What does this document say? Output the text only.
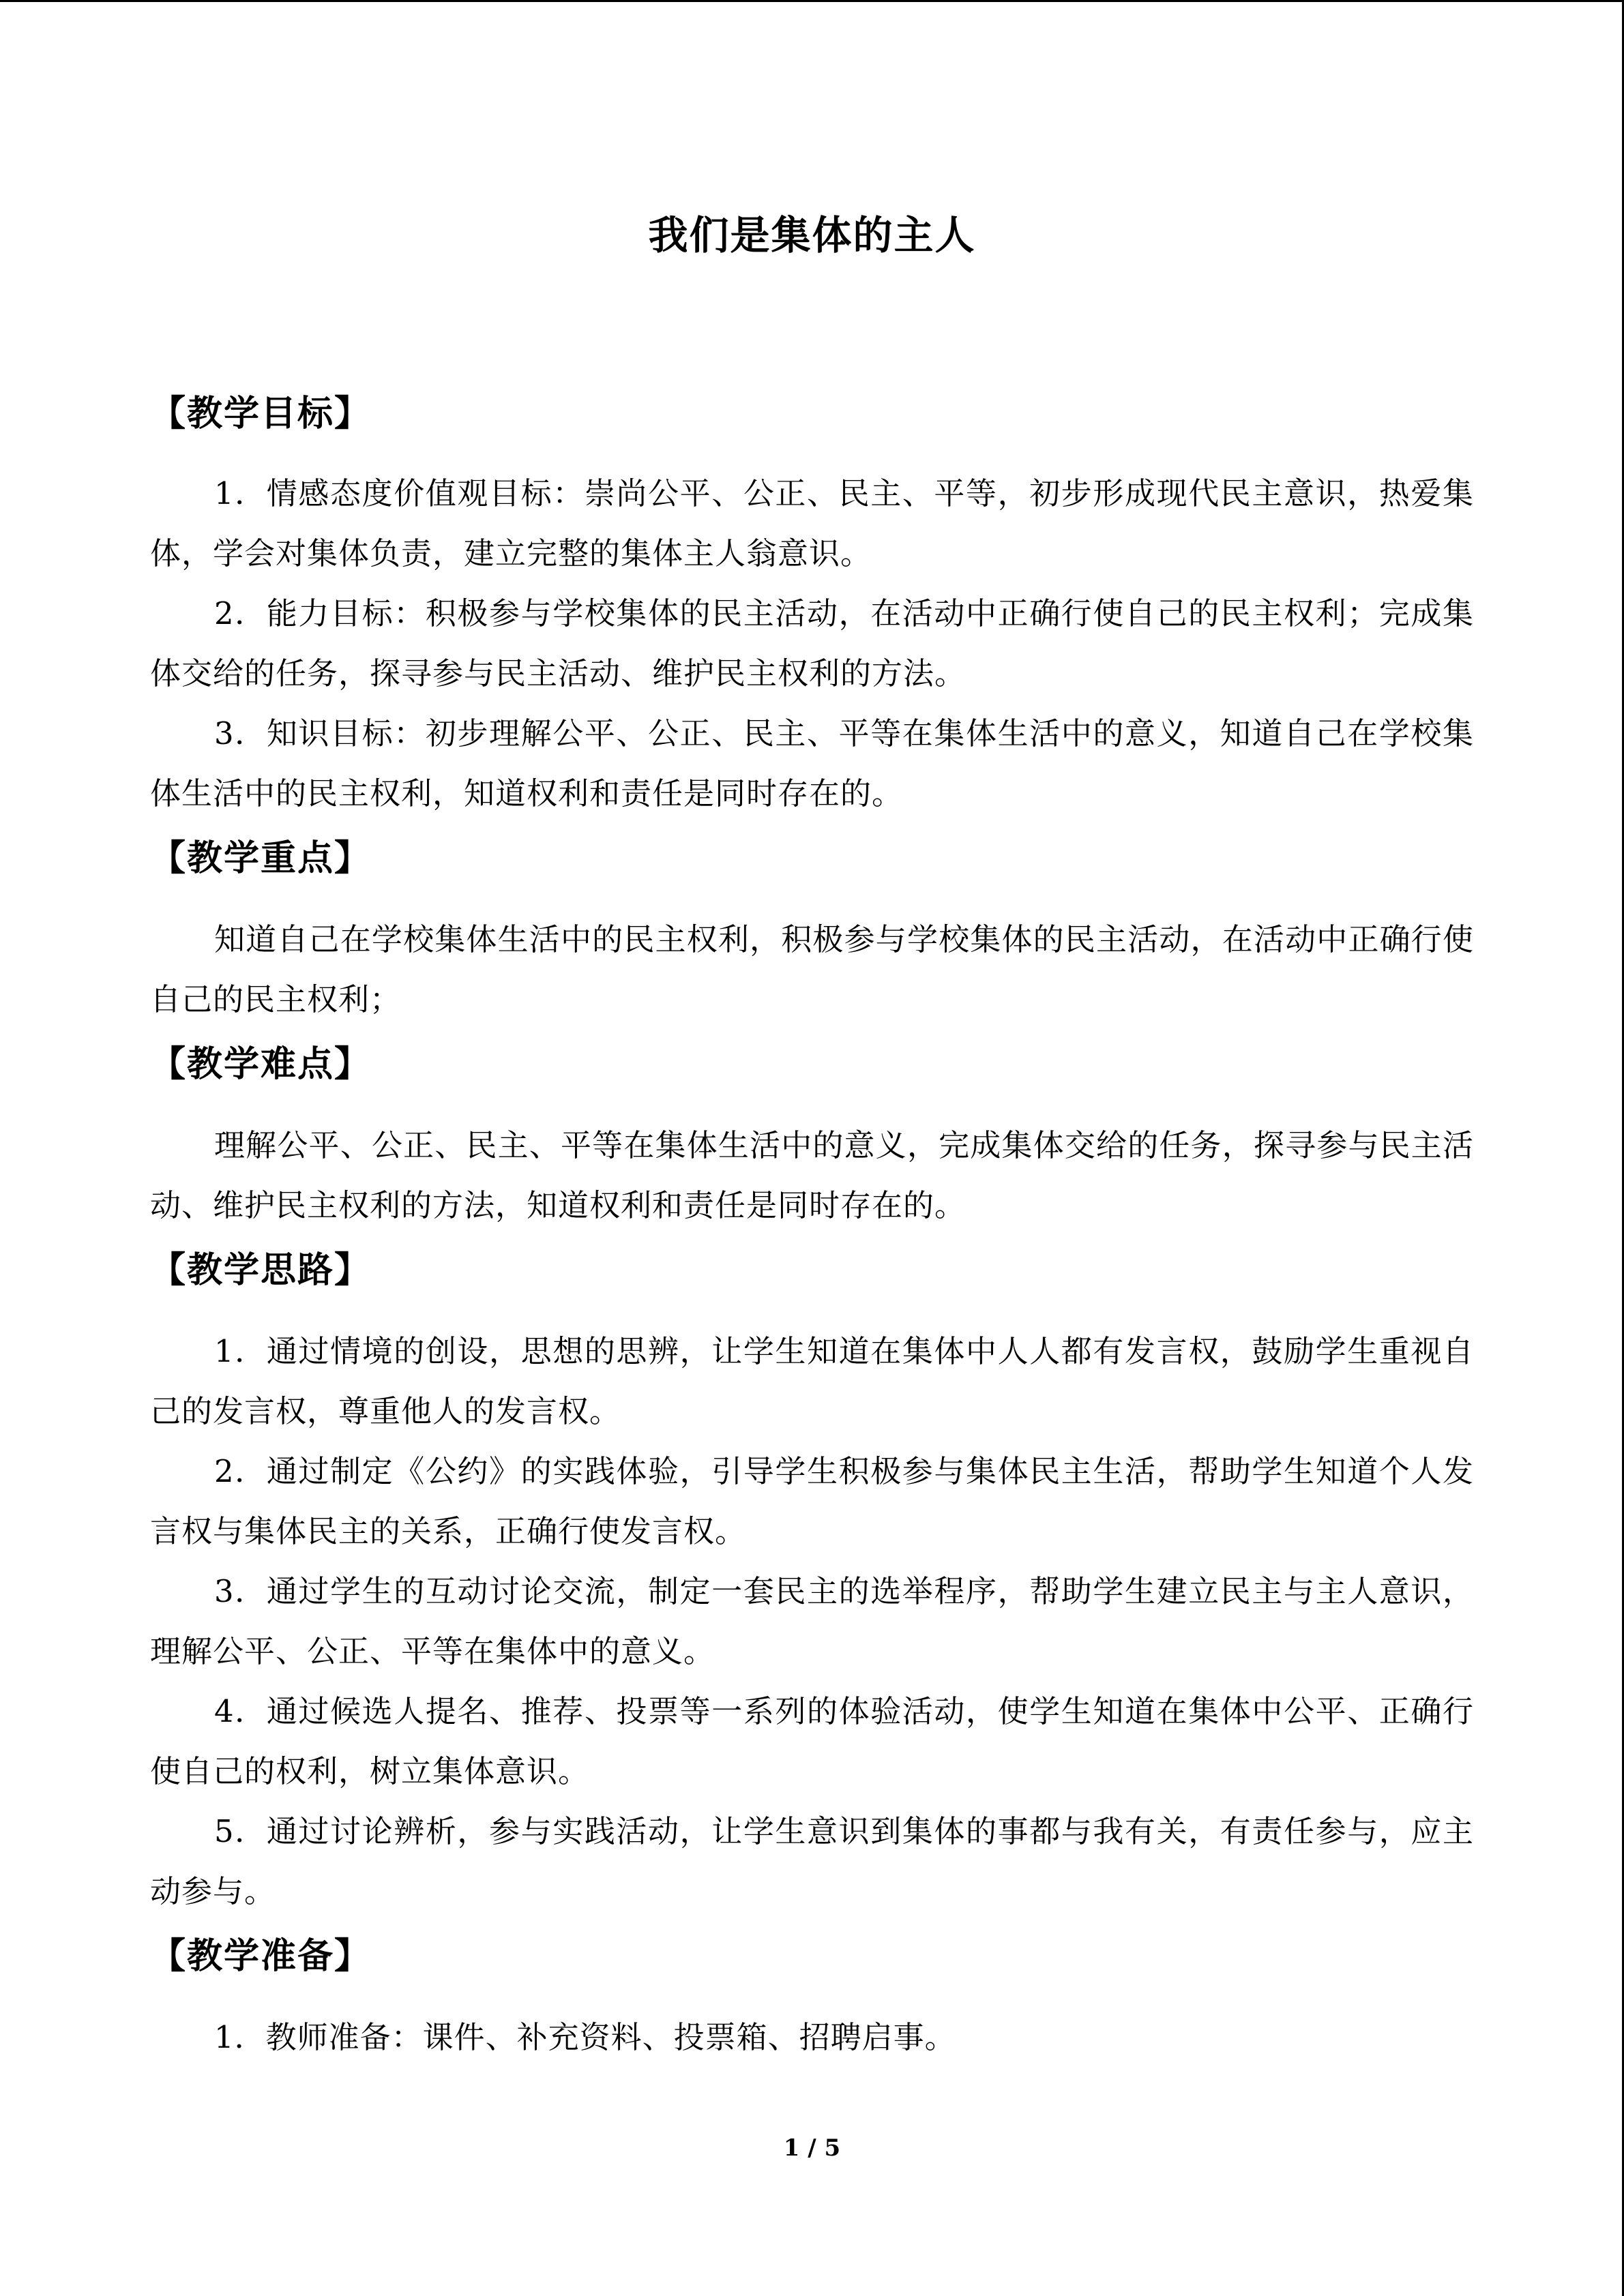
我们是集体的主人
【教学目标】
1．情感态度价值观目标：崇尚公平、公正、民主、平等，初步形成现代民主意识，热爱集体，学会对集体负责，建立完整的集体主人翁意识。
2．能力目标：积极参与学校集体的民主活动，在活动中正确行使自己的民主权利；完成集体交给的任务，探寻参与民主活动、维护民主权利的方法。
3．知识目标：初步理解公平、公正、民主、平等在集体生活中的意义，知道自己在学校集体生活中的民主权利，知道权利和责任是同时存在的。
【教学重点】
知道自己在学校集体生活中的民主权利，积极参与学校集体的民主活动，在活动中正确行使自己的民主权利；
【教学难点】
理解公平、公正、民主、平等在集体生活中的意义，完成集体交给的任务，探寻参与民主活动、维护民主权利的方法，知道权利和责任是同时存在的。
【教学思路】
1．通过情境的创设，思想的思辨，让学生知道在集体中人人都有发言权，鼓励学生重视自己的发言权，尊重他人的发言权。
2．通过制定《公约》的实践体验，引导学生积极参与集体民主生活，帮助学生知道个人发言权与集体民主的关系，正确行使发言权。
3．通过学生的互动讨论交流，制定一套民主的选举程序，帮助学生建立民主与主人意识，理解公平、公正、平等在集体中的意义。
4．通过候选人提名、推荐、投票等一系列的体验活动，使学生知道在集体中公平、正确行使自己的权利，树立集体意识。
5．通过讨论辨析，参与实践活动，让学生意识到集体的事都与我有关，有责任参与，应主动参与。
【教学准备】
1．教师准备：课件、补充资料、投票箱、招聘启事。
1 / 5
